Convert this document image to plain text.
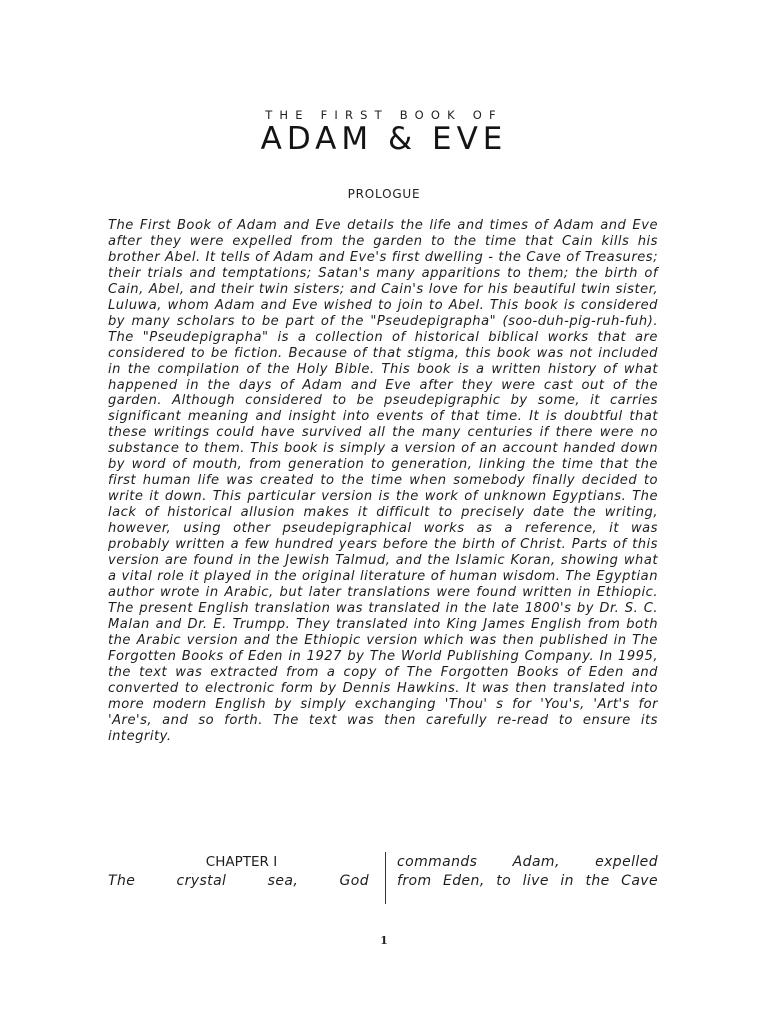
THE FIRST BOOK OF
ADAM & EVE
PROLOGUE

The First Book of Adam and Eve details the life and times of Adam and Eve after they were expelled from the garden to the time that Cain kills his brother Abel. It tells of Adam and Eve's first dwelling - the Cave of Treasures; their trials and temptations; Satan's many apparitions to them; the birth of Cain, Abel, and their twin sisters; and Cain's love for his beautiful twin sister, Luluwa, whom Adam and Eve wished to join to Abel. This book is considered by many scholars to be part of the "Pseudepigrapha" (soo-duh-pig-ruh-fuh). The "Pseudepigrapha" is a collection of historical biblical works that are considered to be fiction. Because of that stigma, this book was not included in the compilation of the Holy Bible. This book is a written history of what happened in the days of Adam and Eve after they were cast out of the garden. Although considered to be pseudepigraphic by some, it carries significant meaning and insight into events of that time. It is doubtful that these writings could have survived all the many centuries if there were no substance to them. This book is simply a version of an account handed down by word of mouth, from generation to generation, linking the time that the first human life was created to the time when somebody finally decided to write it down. This particular version is the work of unknown Egyptians. The lack of historical allusion makes it difficult to precisely date the writing, however, using other pseudepigraphical works as a reference, it was probably written a few hundred years before the birth of Christ. Parts of this version are found in the Jewish Talmud, and the Islamic Koran, showing what a vital role it played in the original literature of human wisdom. The Egyptian author wrote in Arabic, but later translations were found written in Ethiopic. The present English translation was translated in the late 1800's by Dr. S. C. Malan and Dr. E. Trumpp. They translated into King James English from both the Arabic version and the Ethiopic version which was then published in The Forgotten Books of Eden in 1927 by The World Publishing Company. In 1995, the text was extracted from a copy of The Forgotten Books of Eden and converted to electronic form by Dennis Hawkins. It was then translated into more modern English by simply exchanging 'Thou' s for 'You's, 'Art's for 'Are's, and so forth. The text was then carefully re-read to ensure its integrity.

CHAPTER I
The crystal sea, God
commands Adam, expelled
from Eden, to live in the Cave
1
